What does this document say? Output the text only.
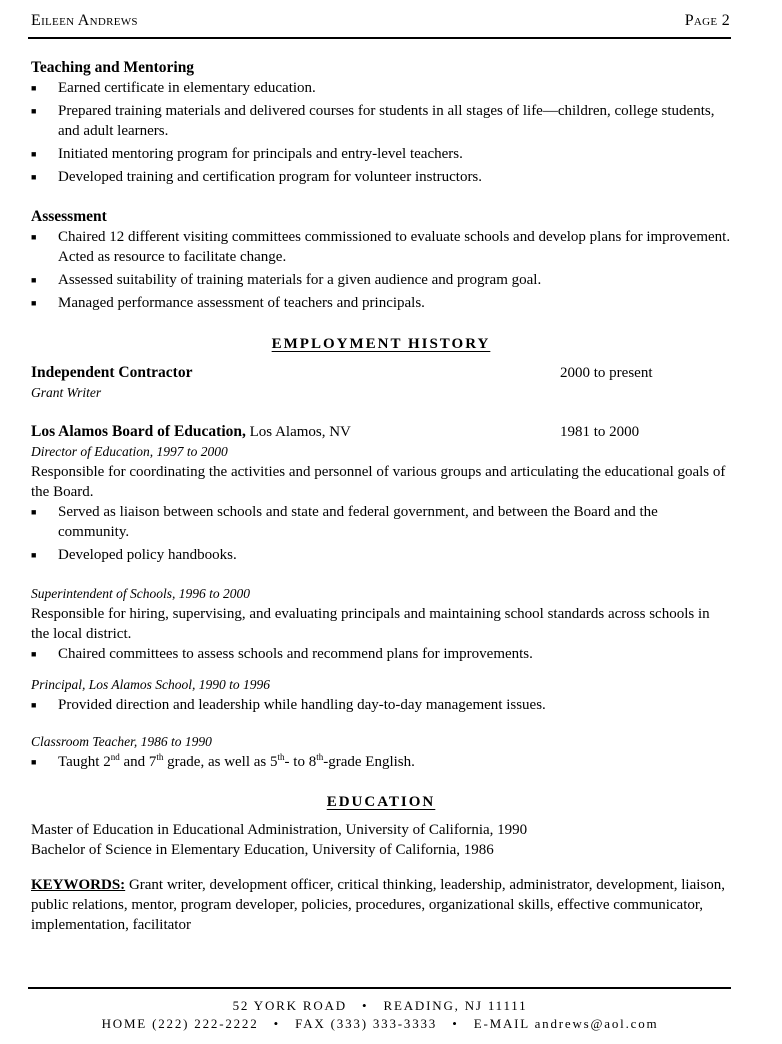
Eileen Andrews	Page 2

Teaching and Mentoring

■ Earned certificate in elementary education.
■ Prepared training materials and delivered courses for students in all stages of life—children, college students, and adult learners.
■ Initiated mentoring program for principals and entry-level teachers.
■ Developed training and certification program for volunteer instructors.

Assessment

■ Chaired 12 different visiting committees commissioned to evaluate schools and develop plans for improvement. Acted as resource to facilitate change.
■ Assessed suitability of training materials for a given audience and program goal.
■ Managed performance assessment of teachers and principals.

EMPLOYMENT HISTORY

Independent Contractor	2000 to present
Grant Writer
Los Alamos Board of Education, Los Alamos, NV	1981 to 2000
Director of Education, 1997 to 2000

Responsible for coordinating the activities and personnel of various groups and articulating the educational goals of the Board.

■ Served as liaison between schools and state and federal government, and between the Board and the community.
■ Developed policy handbooks.
Superintendent of Schools, 1996 to 2000

Responsible for hiring, supervising, and evaluating principals and maintaining school standards across schools in the local district.

■ Chaired committees to assess schools and recommend plans for improvements.
Principal, Los Alamos School, 1990 to 1996
■ Provided direction and leadership while handling day-to-day management issues.
Classroom Teacher, 1986 to 1990
■ Taught 2nd and 7th grade, as well as 5th- to 8th-grade English.

EDUCATION

Master of Education in Educational Administration, University of California, 1990

Bachelor of Science in Elementary Education, University of California, 1986

KEYWORDS: Grant writer, development officer, critical thinking, leadership, administrator, development, liaison, public relations, mentor, program developer, policies, procedures, organizational skills, effective communicator, implementation, facilitator

52 YORK ROAD   •   READING, NJ 11111
HOME (222) 222-2222   •   FAX (333) 333-3333   •   E-MAIL andrews@aol.com
